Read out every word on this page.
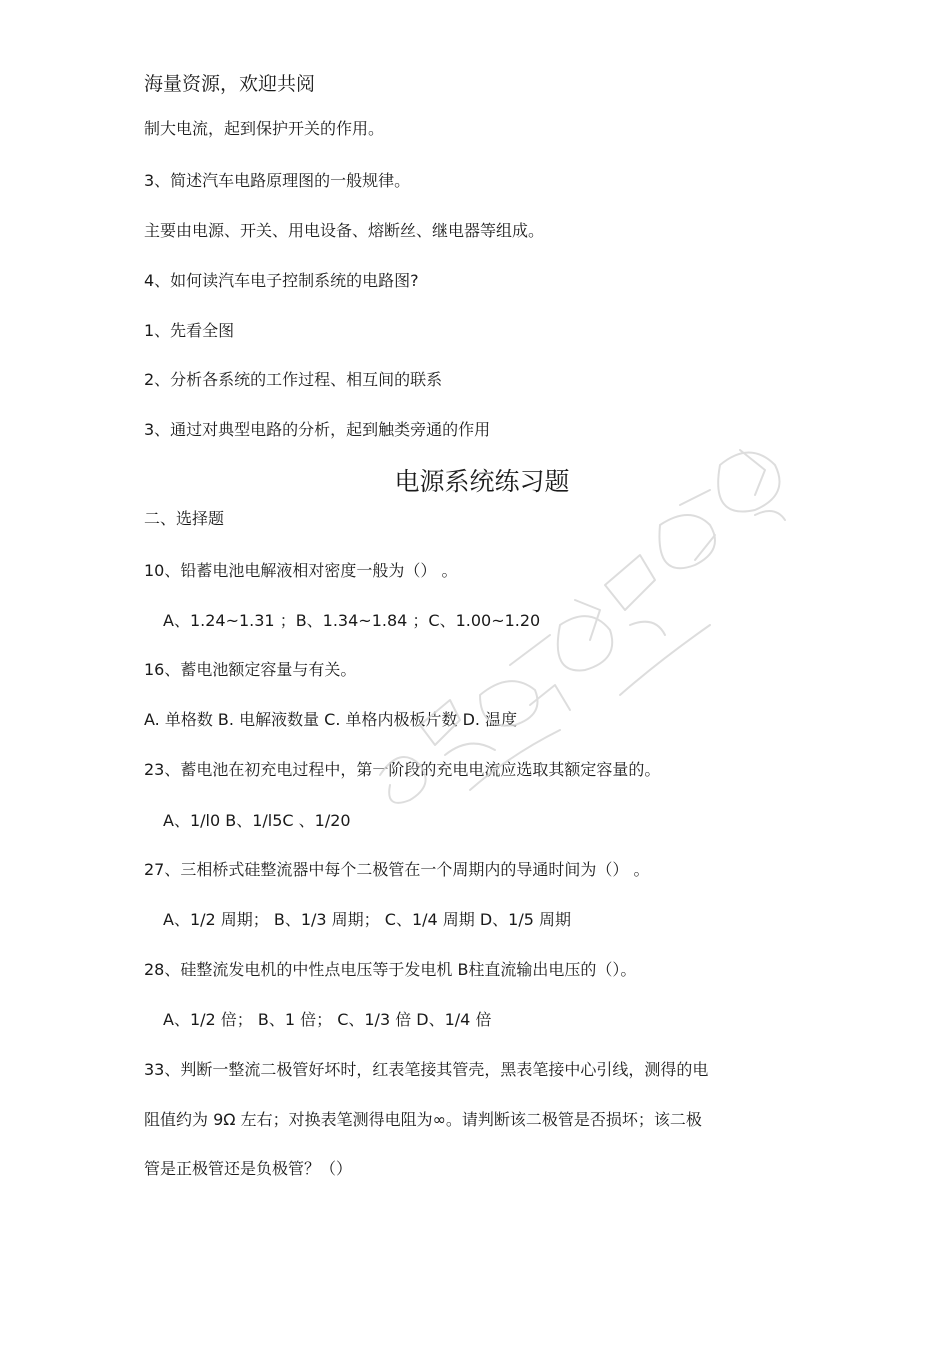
海量资源，欢迎共阅
制大电流，起到保护开关的作用。
3、简述汽车电路原理图的一般规律。
主要由电源、开关、用电设备、熔断丝、继电器等组成。
4、如何读汽车电子控制系统的电路图?
1、先看全图
2、分析各系统的工作过程、相互间的联系
3、通过对典型电路的分析，起到触类旁通的作用
电源系统练习题
二、选择题
10、铅蓄电池电解液相对密度一般为（） 。
A、1.24~1.31 ；B、1.34~1.84 ；C、1.00~1.20
16、蓄电池额定容量与有关。
A. 单格数 B. 电解液数量 C. 单格内极板片数 D. 温度
23、蓄电池在初充电过程中，第一阶段的充电电流应选取其额定容量的。
A、1/l0 B、1/l5C 、1/20
27、三相桥式硅整流器中每个二极管在一个周期内的导通时间为（） 。
A、1/2 周期； B、1/3 周期； C、1/4 周期 D、1/5 周期
28、硅整流发电机的中性点电压等于发电机 B柱直流输出电压的（）。
A、1/2 倍； B、1 倍； C、1/3 倍 D、1/4 倍
33、判断一整流二极管好坏时，红表笔接其管壳，黑表笔接中心引线，测得的电
阻值约为 9Ω 左右；对换表笔测得电阻为∞。请判断该二极管是否损坏；该二极
管是正极管还是负极管？（）
